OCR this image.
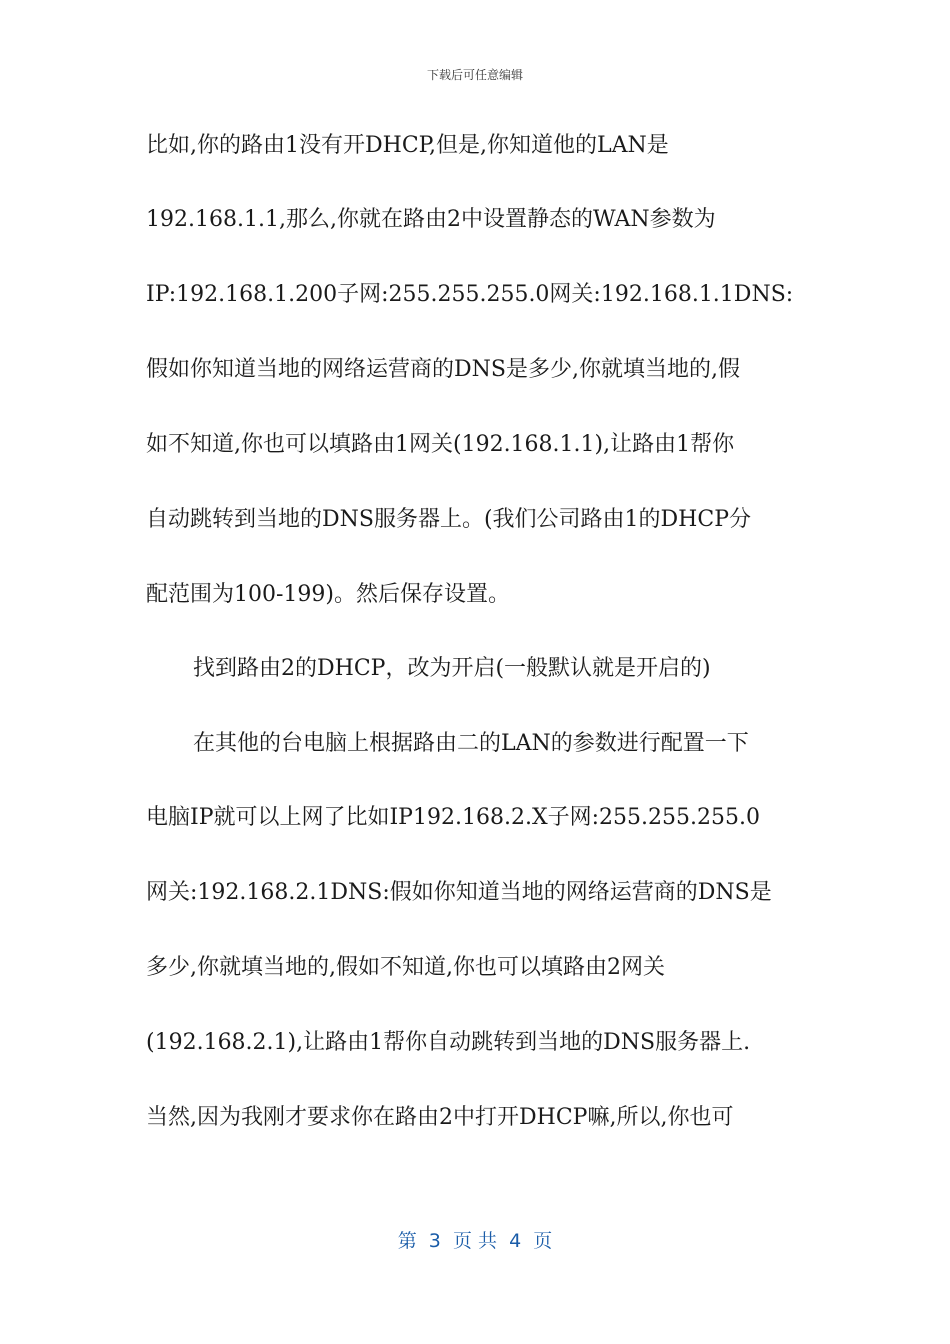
下载后可任意编辑
比如,你的路由1没有开DHCP,但是,你知道他的LAN是
192.168.1.1,那么,你就在路由2中设置静态的WAN参数为
IP:192.168.1.200子网:255.255.255.0网关:192.168.1.1DNS:
假如你知道当地的网络运营商的DNS是多少,你就填当地的,假
如不知道,你也可以填路由1网关(192.168.1.1),让路由1帮你
自动跳转到当地的DNS服务器上。(我们公司路由1的DHCP分
配范围为100-199)。然后保存设置。
找到路由2的DHCP，改为开启(一般默认就是开启的)
在其他的台电脑上根据路由二的LAN的参数进行配置一下
电脑IP就可以上网了比如IP192.168.2.X子网:255.255.255.0
网关:192.168.2.1DNS:假如你知道当地的网络运营商的DNS是
多少,你就填当地的,假如不知道,你也可以填路由2网关
(192.168.2.1),让路由1帮你自动跳转到当地的DNS服务器上.
当然,因为我刚才要求你在路由2中打开DHCP嘛,所以,你也可
第  3  页 共  4  页
